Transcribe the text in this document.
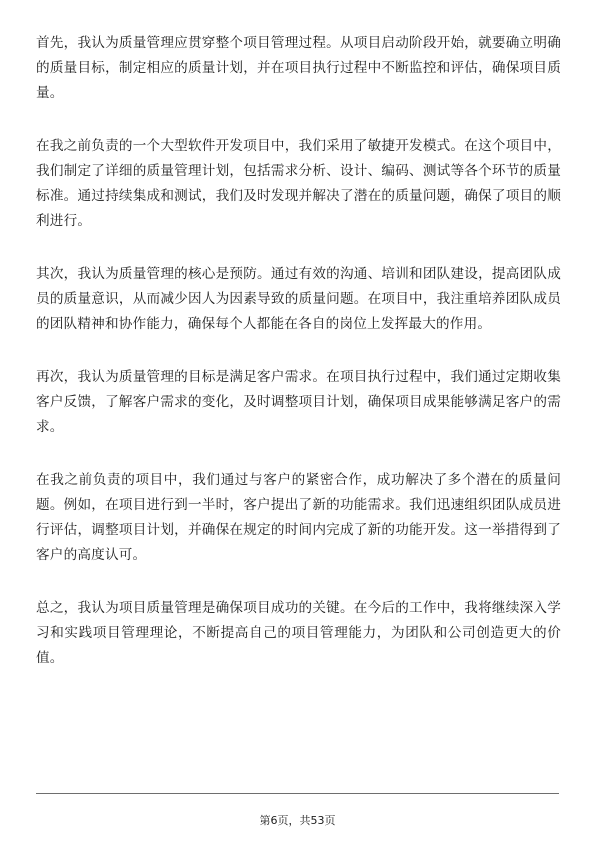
首先，我认为质量管理应贯穿整个项目管理过程。从项目启动阶段开始，就要确立明确的质量目标，制定相应的质量计划，并在项目执行过程中不断监控和评估，确保项目质量。

在我之前负责的一个大型软件开发项目中，我们采用了敏捷开发模式。在这个项目中，我们制定了详细的质量管理计划，包括需求分析、设计、编码、测试等各个环节的质量标准。通过持续集成和测试，我们及时发现并解决了潜在的质量问题，确保了项目的顺利进行。

其次，我认为质量管理的核心是预防。通过有效的沟通、培训和团队建设，提高团队成员的质量意识，从而减少因人为因素导致的质量问题。在项目中，我注重培养团队成员的团队精神和协作能力，确保每个人都能在各自的岗位上发挥最大的作用。

再次，我认为质量管理的目标是满足客户需求。在项目执行过程中，我们通过定期收集客户反馈，了解客户需求的变化，及时调整项目计划，确保项目成果能够满足客户的需求。

在我之前负责的项目中，我们通过与客户的紧密合作，成功解决了多个潜在的质量问题。例如，在项目进行到一半时，客户提出了新的功能需求。我们迅速组织团队成员进行评估，调整项目计划，并确保在规定的时间内完成了新的功能开发。这一举措得到了客户的高度认可。

总之，我认为项目质量管理是确保项目成功的关键。在今后的工作中，我将继续深入学习和实践项目管理理论，不断提高自己的项目管理能力，为团队和公司创造更大的价值。

第6页，共53页
